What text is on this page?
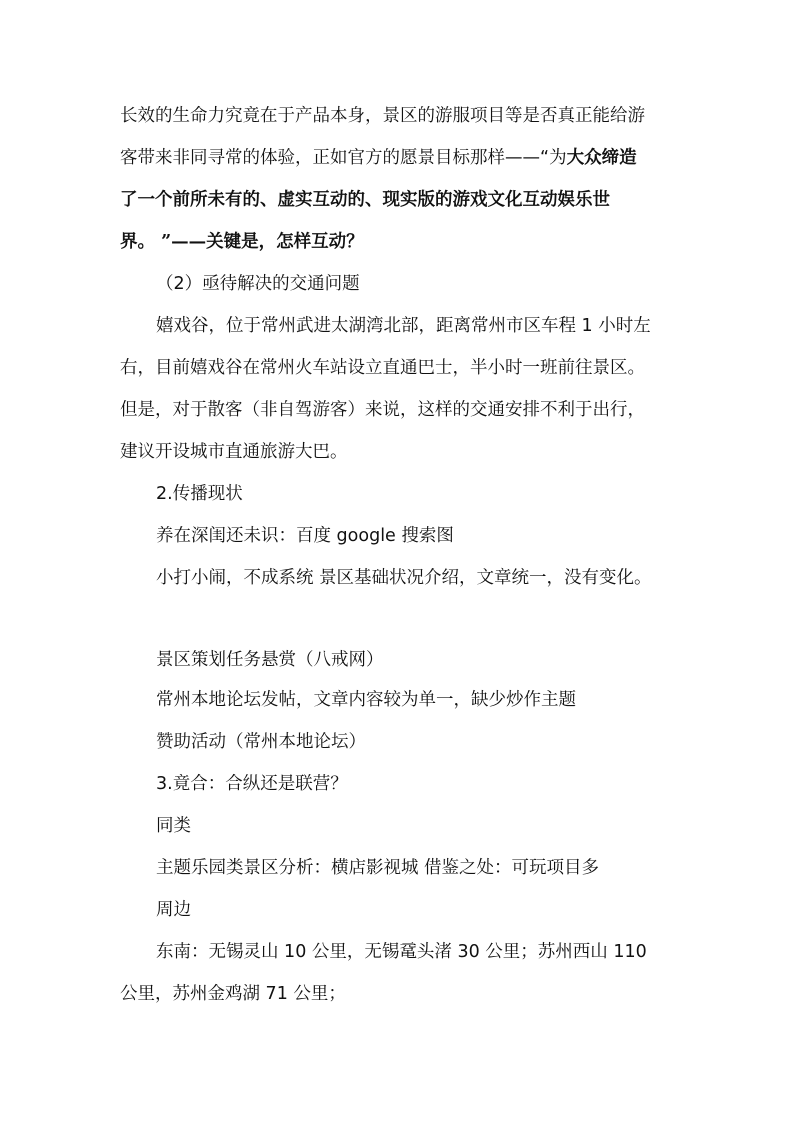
长效的生命力究竟在于产品本身，景区的游服项目等是否真正能给游
客带来非同寻常的体验，正如官方的愿景目标那样——“为大众缔造
了一个前所未有的、虚实互动的、现实版的游戏文化互动娱乐世
界。 ”——关键是，怎样互动？
（2）亟待解决的交通问题
嬉戏谷，位于常州武进太湖湾北部，距离常州市区车程 1 小时左
右，目前嬉戏谷在常州火车站设立直通巴士，半小时一班前往景区。
但是，对于散客（非自驾游客）来说，这样的交通安排不利于出行，
建议开设城市直通旅游大巴。
2.传播现状
养在深闺还未识：百度 google 搜索图
小打小闹，不成系统 景区基础状况介绍，文章统一，没有变化。
景区策划任务悬赏（八戒网）
常州本地论坛发帖，文章内容较为单一，缺少炒作主题
赞助活动（常州本地论坛）
3.竟合：合纵还是联营？
同类
主题乐园类景区分析：横店影视城 借鉴之处：可玩项目多
周边
东南：无锡灵山 10 公里，无锡鼋头渚 30 公里；苏州西山 110
公里，苏州金鸡湖 71 公里；
